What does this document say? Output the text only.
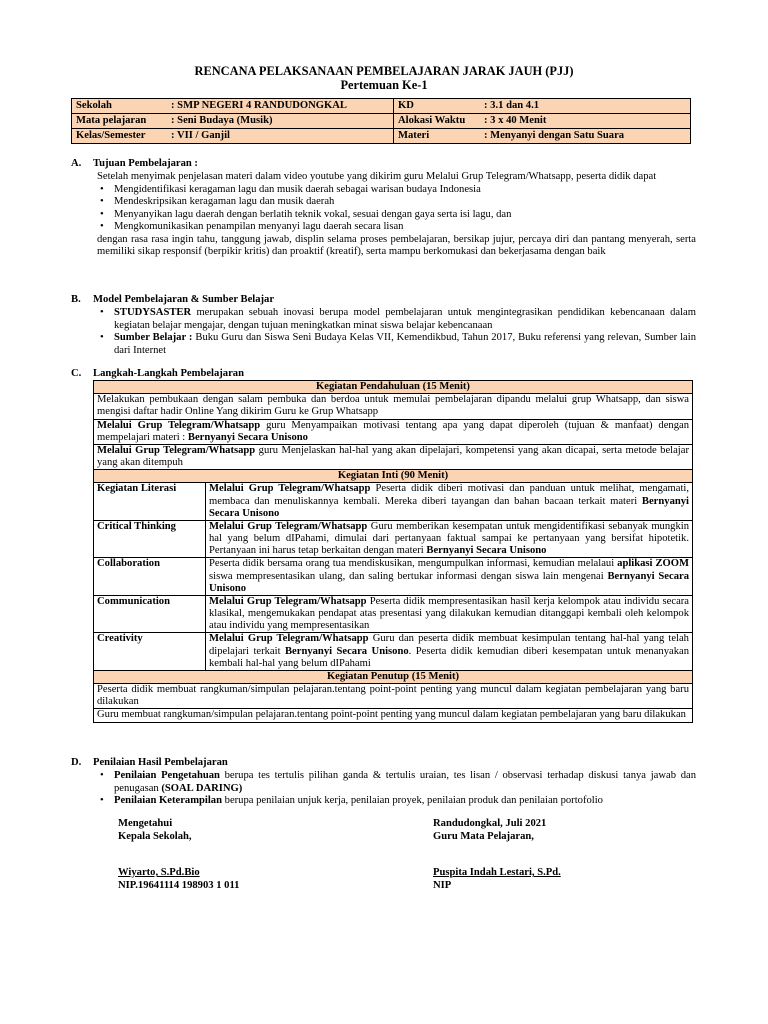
RENCANA PELAKSANAAN PEMBELAJARAN JARAK JAUH (PJJ)
Pertemuan Ke-1
Sekolah : SMP NEGERI 4 RANDUDONGKAL	KD : 3.1 dan 4.1
Mata pelajaran : Seni Budaya (Musik)	Alokasi Waktu : 3 x 40 Menit
Kelas/Semester : VII / Ganjil	Materi : Menyanyi dengan Satu Suara
A. Tujuan Pembelajaran :
Setelah menyimak penjelasan materi dalam video youtube yang dikirim guru Melalui Grup Telegram/Whatsapp, peserta didik dapat
• Mengidentifikasi keragaman lagu dan musik daerah sebagai warisan budaya Indonesia
• Mendeskripsikan keragaman lagu dan musik daerah
• Menyanyikan lagu daerah dengan berlatih teknik vokal, sesuai dengan gaya serta isi lagu, dan
• Mengkomunikasikan penampilan menyanyi lagu daerah secara lisan
dengan rasa rasa ingin tahu, tanggung jawab, displin selama proses pembelajaran, bersikap jujur, percaya diri dan pantang menyerah, serta memiliki sikap responsif (berpikir kritis) dan proaktif (kreatif), serta mampu berkomukasi dan bekerjasama dengan baik
B. Model Pembelajaran & Sumber Belajar
• STUDYSASTER merupakan sebuah inovasi berupa model pembelajaran untuk mengintegrasikan pendidikan kebencanaan dalam kegiatan belajar mengajar, dengan tujuan meningkatkan minat siswa belajar kebencanaan
• Sumber Belajar : Buku Guru dan Siswa Seni Budaya Kelas VII, Kemendikbud, Tahun 2017, Buku referensi yang relevan, Sumber lain dari Internet
C. Langkah-Langkah Pembelajaran
Kegiatan Pendahuluan (15 Menit)	
Melakukan pembukaan dengan salam pembuka dan berdoa untuk memulai pembelajaran dipandu melalui grup Whatsapp, dan siswa mengisi daftar hadir Online Yang dikirim Guru ke Grup Whatsapp	
Melalui Grup Telegram/Whatsapp guru Menyampaikan motivasi tentang apa yang dapat diperoleh (tujuan & manfaat) dengan mempelajari materi : Bernyanyi Secara Unisono	
Melalui Grup Telegram/Whatsapp guru Menjelaskan hal-hal yang akan dipelajari, kompetensi yang akan dicapai, serta metode belajar yang akan ditempuh	
Kegiatan Inti (90 Menit)	
Kegiatan Literasi	Melalui Grup Telegram/Whatsapp Peserta didik diberi motivasi dan panduan untuk melihat, mengamati, membaca dan menuliskannya kembali. Mereka diberi tayangan dan bahan bacaan terkait materi Bernyanyi Secara Unisono
Critical Thinking	Melalui Grup Telegram/Whatsapp Guru memberikan kesempatan untuk mengidentifikasi sebanyak mungkin hal yang belum dIPahami, dimulai dari pertanyaan faktual sampai ke pertanyaan yang bersifat hipotetik. Pertanyaan ini harus tetap berkaitan dengan materi Bernyanyi Secara Unisono
Collaboration	Peserta didik bersama orang tua mendiskusikan, mengumpulkan informasi, kemudian melalaui aplikasi ZOOM siswa mempresentasikan ulang, dan saling bertukar informasi dengan siswa lain mengenai Bernyanyi Secara Unisono
Communication	Melalui Grup Telegram/Whatsapp Peserta didik mempresentasikan hasil kerja kelompok atau individu secara klasikal, mengemukakan pendapat atas presentasi yang dilakukan kemudian ditanggapi kembali oleh kelompok atau individu yang mempresentasikan
Creativity	Melalui Grup Telegram/Whatsapp Guru dan peserta didik membuat kesimpulan tentang hal-hal yang telah dipelajari terkait Bernyanyi Secara Unisono. Peserta didik kemudian diberi kesempatan untuk menanyakan kembali hal-hal yang belum dIPahami
Kegiatan Penutup (15 Menit)	
Peserta didik membuat rangkuman/simpulan pelajaran.tentang point-point penting yang muncul dalam kegiatan pembelajaran yang baru dilakukan	
Guru membuat rangkuman/simpulan pelajaran.tentang point-point penting yang muncul dalam kegiatan pembelajaran yang baru dilakukan	
D. Penilaian Hasil Pembelajaran
• Penilaian Pengetahuan berupa tes tertulis pilihan ganda & tertulis uraian, tes lisan / observasi terhadap diskusi tanya jawab dan penugasan (SOAL DARING)
• Penilaian Keterampilan berupa penilaian unjuk kerja, penilaian proyek, penilaian produk dan penilaian portofolio
Mengetahui
Kepala Sekolah,
Wiyarto, S.Pd.Bio
NIP.19641114 198903 1 011
Randudongkal, Juli 2021
Guru Mata Pelajaran,
Puspita Indah Lestari, S.Pd.
NIP
